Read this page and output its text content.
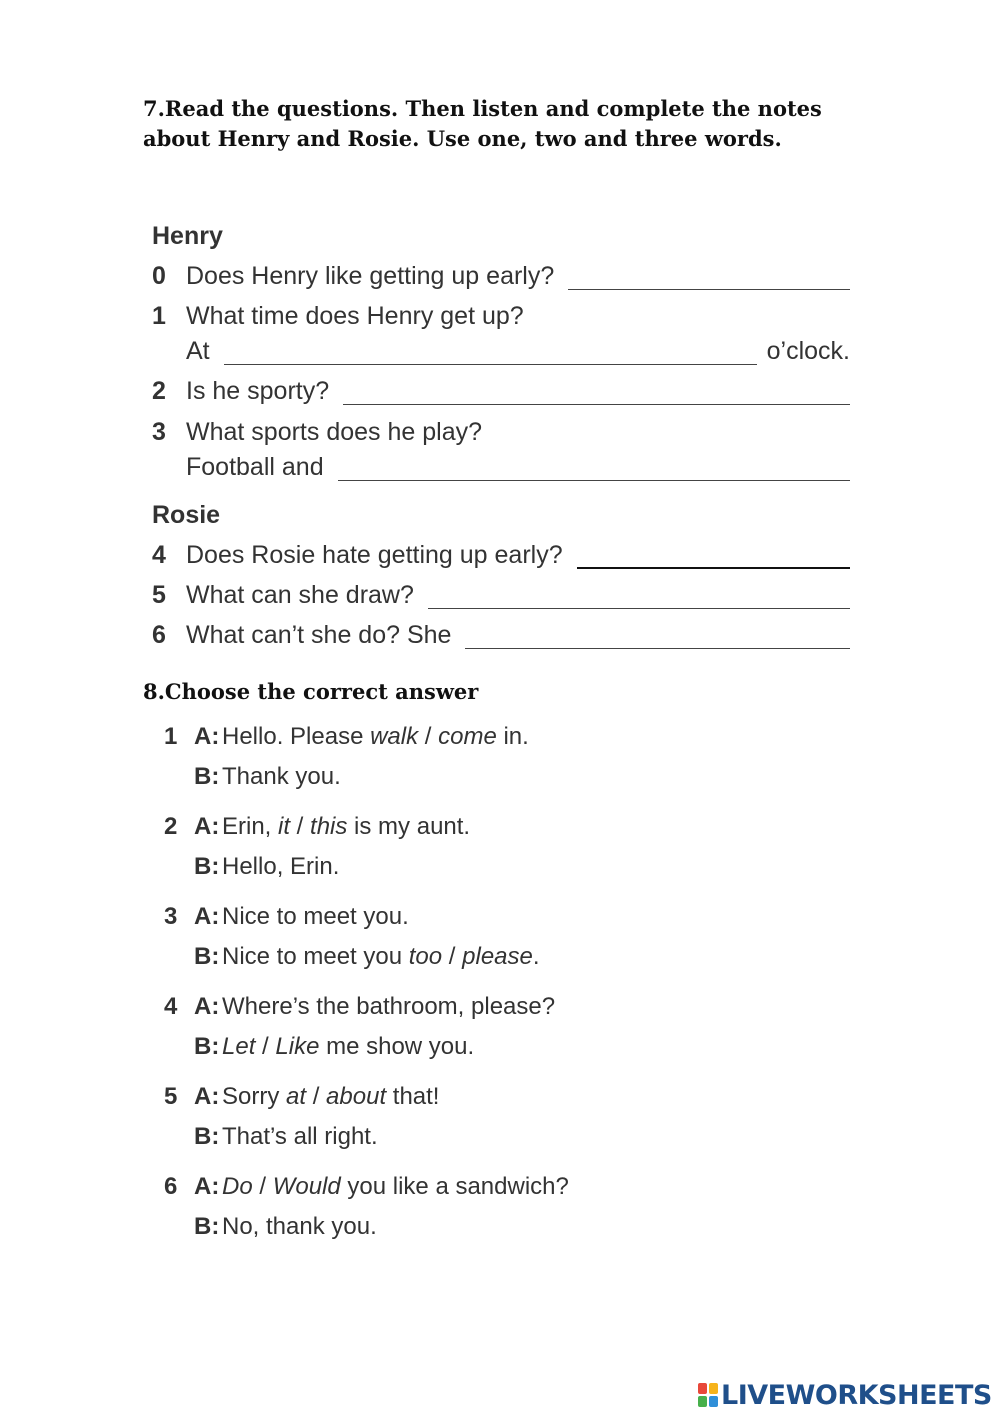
7.Read the questions. Then listen and complete the notes about Henry and Rosie. Use one, two and three words.

Henry
0 Does Henry like getting up early?
1 What time does Henry get up?
At	o’clock.
2 Is he sporty?
3 What sports does he play?
Football and
Rosie
4 Does Rosie hate getting up early?
5 What can she draw?
6 What can’t she do? She

8.Choose the correct answer

1 A: Hello. Please walk / come in.
B: Thank you.
2 A: Erin, it / this is my aunt.
B: Hello, Erin.
3 A: Nice to meet you.
B: Nice to meet you too / please .
4 A: Where’s the bathroom, please?
B: Let / Like me show you.
5 A: Sorry at / about that!
B: That’s all right.
6 A: Do / Would you like a sandwich?
B: No, thank you.
LIVEWORKSHEETS
